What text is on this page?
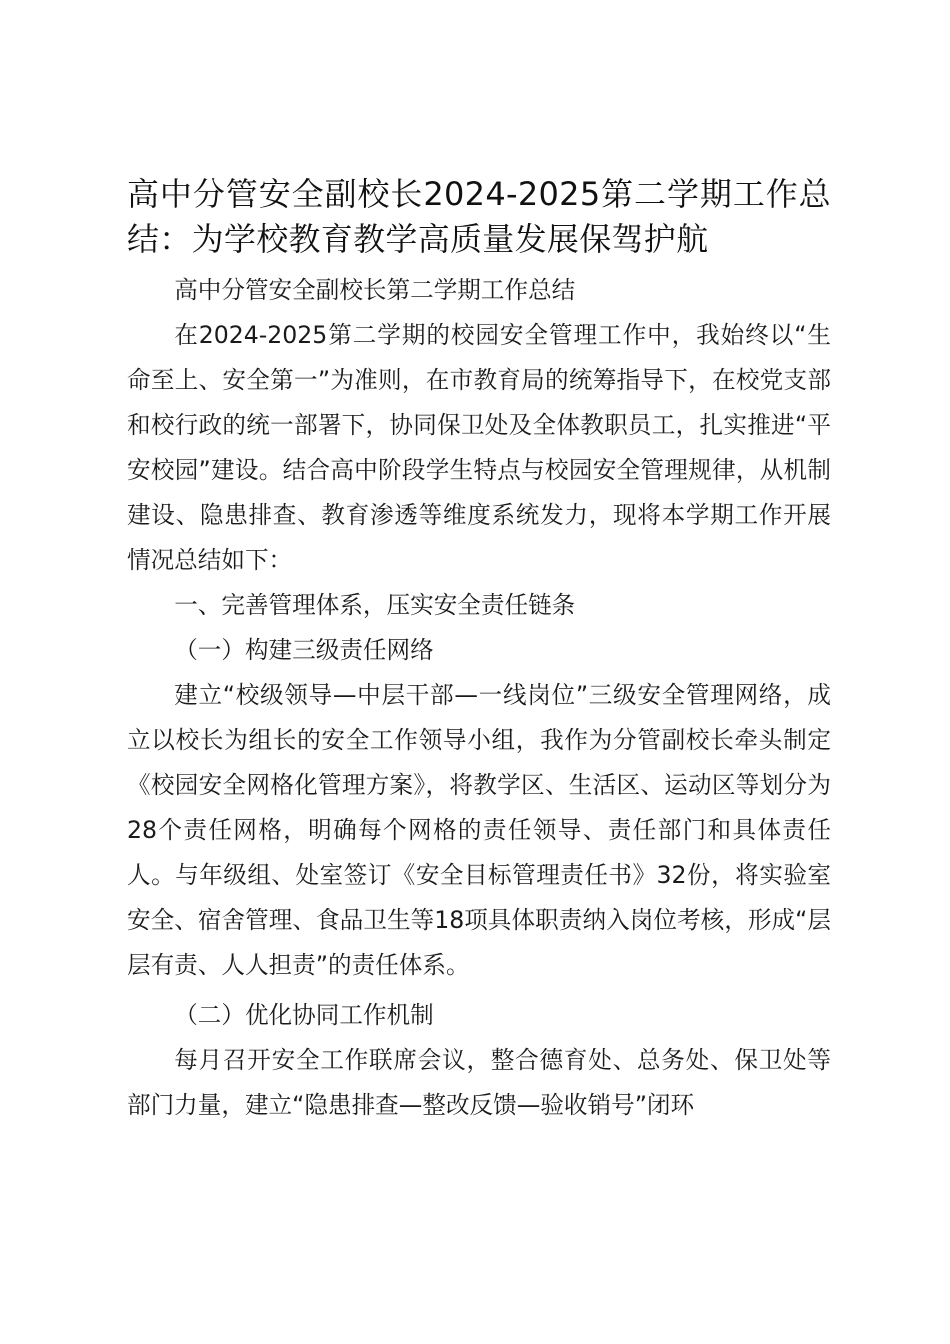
高中分管安全副校长2024-2025第二学期工作总结：为学校教育教学高质量发展保驾护航

高中分管安全副校长第二学期工作总结

在2024-2025第二学期的校园安全管理工作中，我始终以“生命至上、安全第一”为准则，在市教育局的统筹指导下，在校党支部和校行政的统一部署下，协同保卫处及全体教职员工，扎实推进“平安校园”建设。结合高中阶段学生特点与校园安全管理规律，从机制建设、隐患排查、教育渗透等维度系统发力，现将本学期工作开展情况总结如下：

一、完善管理体系，压实安全责任链条

（一）构建三级责任网络

建立“校级领导—中层干部—一线岗位”三级安全管理网络，成立以校长为组长的安全工作领导小组，我作为分管副校长牵头制定《校园安全网格化管理方案》，将教学区、生活区、运动区等划分为28个责任网格，明确每个网格的责任领导、责任部门和具体责任人。与年级组、处室签订《安全目标管理责任书》32份，将实验室安全、宿舍管理、食品卫生等18项具体职责纳入岗位考核，形成“层层有责、人人担责”的责任体系。

（二）优化协同工作机制

每月召开安全工作联席会议，整合德育处、总务处、保卫处等部门力量，建立“隐患排查—整改反馈—验收销号”闭环
